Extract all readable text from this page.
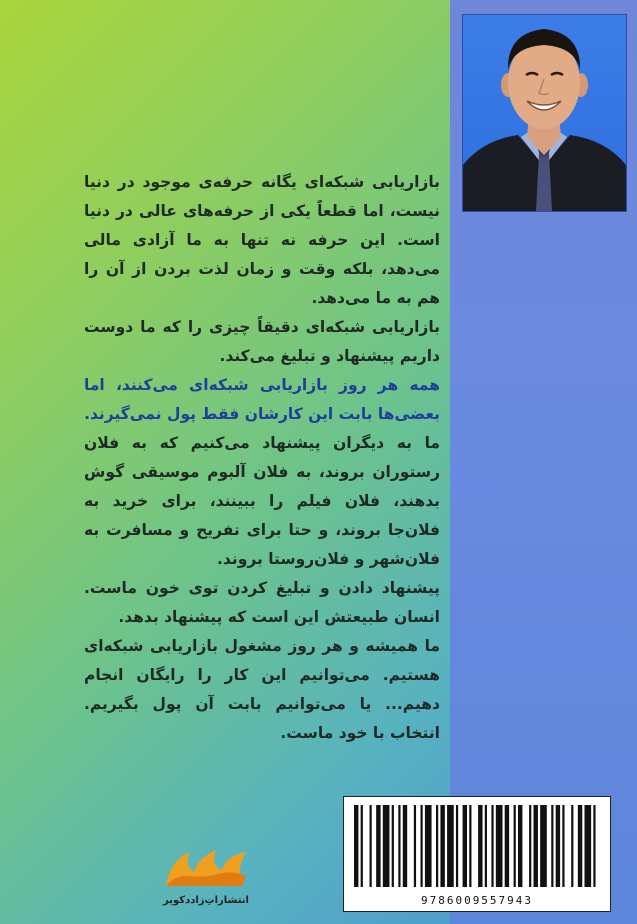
بازاریابی شبکه‌ای یگانه حرفه‌ی موجود در دنیا نیست، اما قطعاً یکی از حرفه‌های عالی در دنیا است. این حرفه نه تنها به ما آزادی مالی می‌دهد، بلکه وقت و زمان لذت بردن از آن را هم به ما می‌دهد.

بازاریابی شبکه‌ای دقیقاً چیزی را که ما دوست داریم پیشنهاد و تبلیغ می‌کند.

همه هر روز بازاریابی شبکه‌ای می‌کنند، اما بعضی‌ها بابت این کارشان فقط پول نمی‌گیرند.

ما به دیگران پیشنهاد می‌کنیم که به فلان رستوران بروند، به فلان آلبوم موسیقی گوش بدهند، فلان فیلم را ببینند، برای خرید به فلان‌جا بروند، و حتا برای تفریح و مسافرت به فلان‌شهر و فلان‌روستا بروند.

پیشنهاد دادن و تبلیغ کردن توی خون ماست. انسان طبیعتش این است که پیشنهاد بدهد.

ما همیشه و هر روز مشغول بازاریابی شبکه‌ای هستیم. می‌توانیم این کار را رایگان انجام دهیم... یا می‌توانیم بابت آن پول بگیریم. انتخاب با خود ماست.

انتشارات‌ِزاددکویر	9786009557943
